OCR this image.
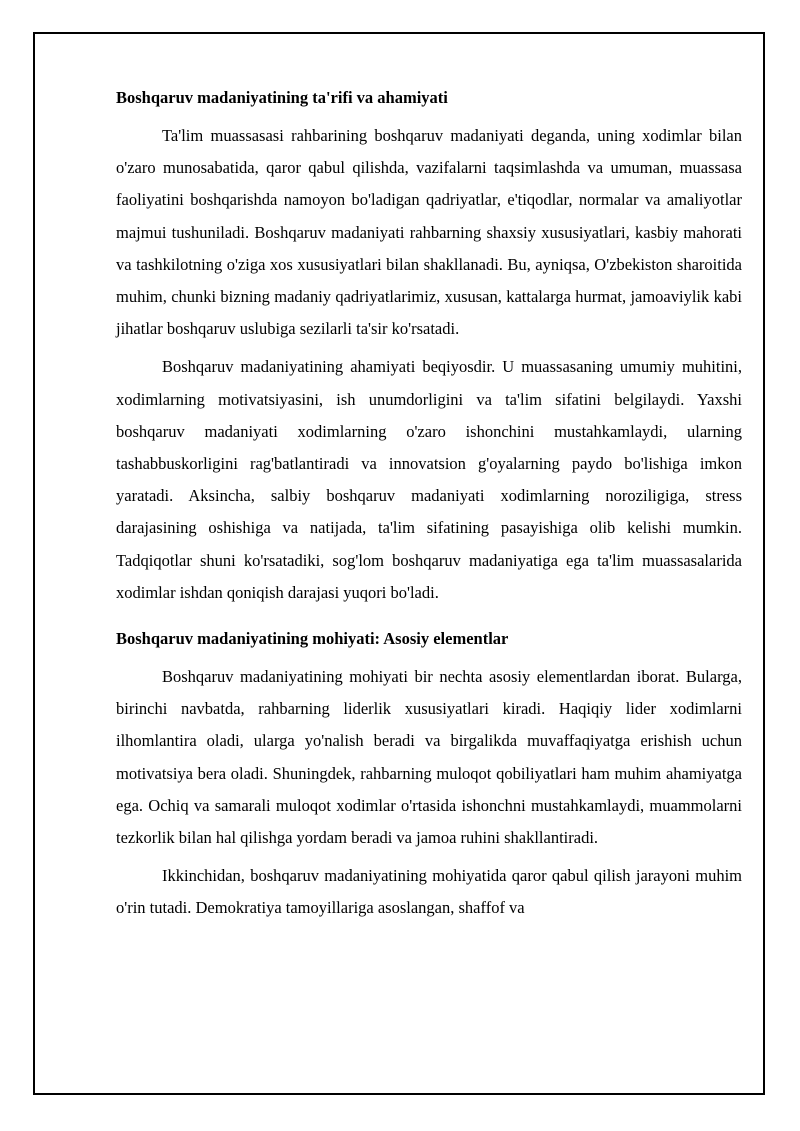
Boshqaruv madaniyatining ta'rifi va ahamiyati

Ta'lim muassasasi rahbarining boshqaruv madaniyati deganda, uning xodimlar bilan o'zaro munosabatida, qaror qabul qilishda, vazifalarni taqsimlashda va umuman, muassasa faoliyatini boshqarishda namoyon bo'ladigan qadriyatlar, e'tiqodlar, normalar va amaliyotlar majmui tushuniladi. Boshqaruv madaniyati rahbarning shaxsiy xususiyatlari, kasbiy mahorati va tashkilotning o'ziga xos xususiyatlari bilan shakllanadi. Bu, ayniqsa, O'zbekiston sharoitida muhim, chunki bizning madaniy qadriyatlarimiz, xususan, kattalarga hurmat, jamoaviylik kabi jihatlar boshqaruv uslubiga sezilarli ta'sir ko'rsatadi.

Boshqaruv madaniyatining ahamiyati beqiyosdir. U muassasaning umumiy muhitini, xodimlarning motivatsiyasini, ish unumdorligini va ta'lim sifatini belgilaydi. Yaxshi boshqaruv madaniyati xodimlarning o'zaro ishonchini mustahkamlaydi, ularning tashabbuskorligini rag'batlantiradi va innovatsion g'oyalarning paydo bo'lishiga imkon yaratadi. Aksincha, salbiy boshqaruv madaniyati xodimlarning noroziligiga, stress darajasining oshishiga va natijada, ta'lim sifatining pasayishiga olib kelishi mumkin. Tadqiqotlar shuni ko'rsatadiki, sog'lom boshqaruv madaniyatiga ega ta'lim muassasalarida xodimlar ishdan qoniqish darajasi yuqori bo'ladi.

Boshqaruv madaniyatining mohiyati: Asosiy elementlar

Boshqaruv madaniyatining mohiyati bir nechta asosiy elementlardan iborat. Bularga, birinchi navbatda, rahbarning liderlik xususiyatlari kiradi. Haqiqiy lider xodimlarni ilhomlantira oladi, ularga yo'nalish beradi va birgalikda muvaffaqiyatga erishish uchun motivatsiya bera oladi. Shuningdek, rahbarning muloqot qobiliyatlari ham muhim ahamiyatga ega. Ochiq va samarali muloqot xodimlar o'rtasida ishonchni mustahkamlaydi, muammolarni tezkorlik bilan hal qilishga yordam beradi va jamoa ruhini shakllantiradi.

Ikkinchidan, boshqaruv madaniyatining mohiyatida qaror qabul qilish jarayoni muhim o'rin tutadi. Demokratiya tamoyillariga asoslangan, shaffof va
